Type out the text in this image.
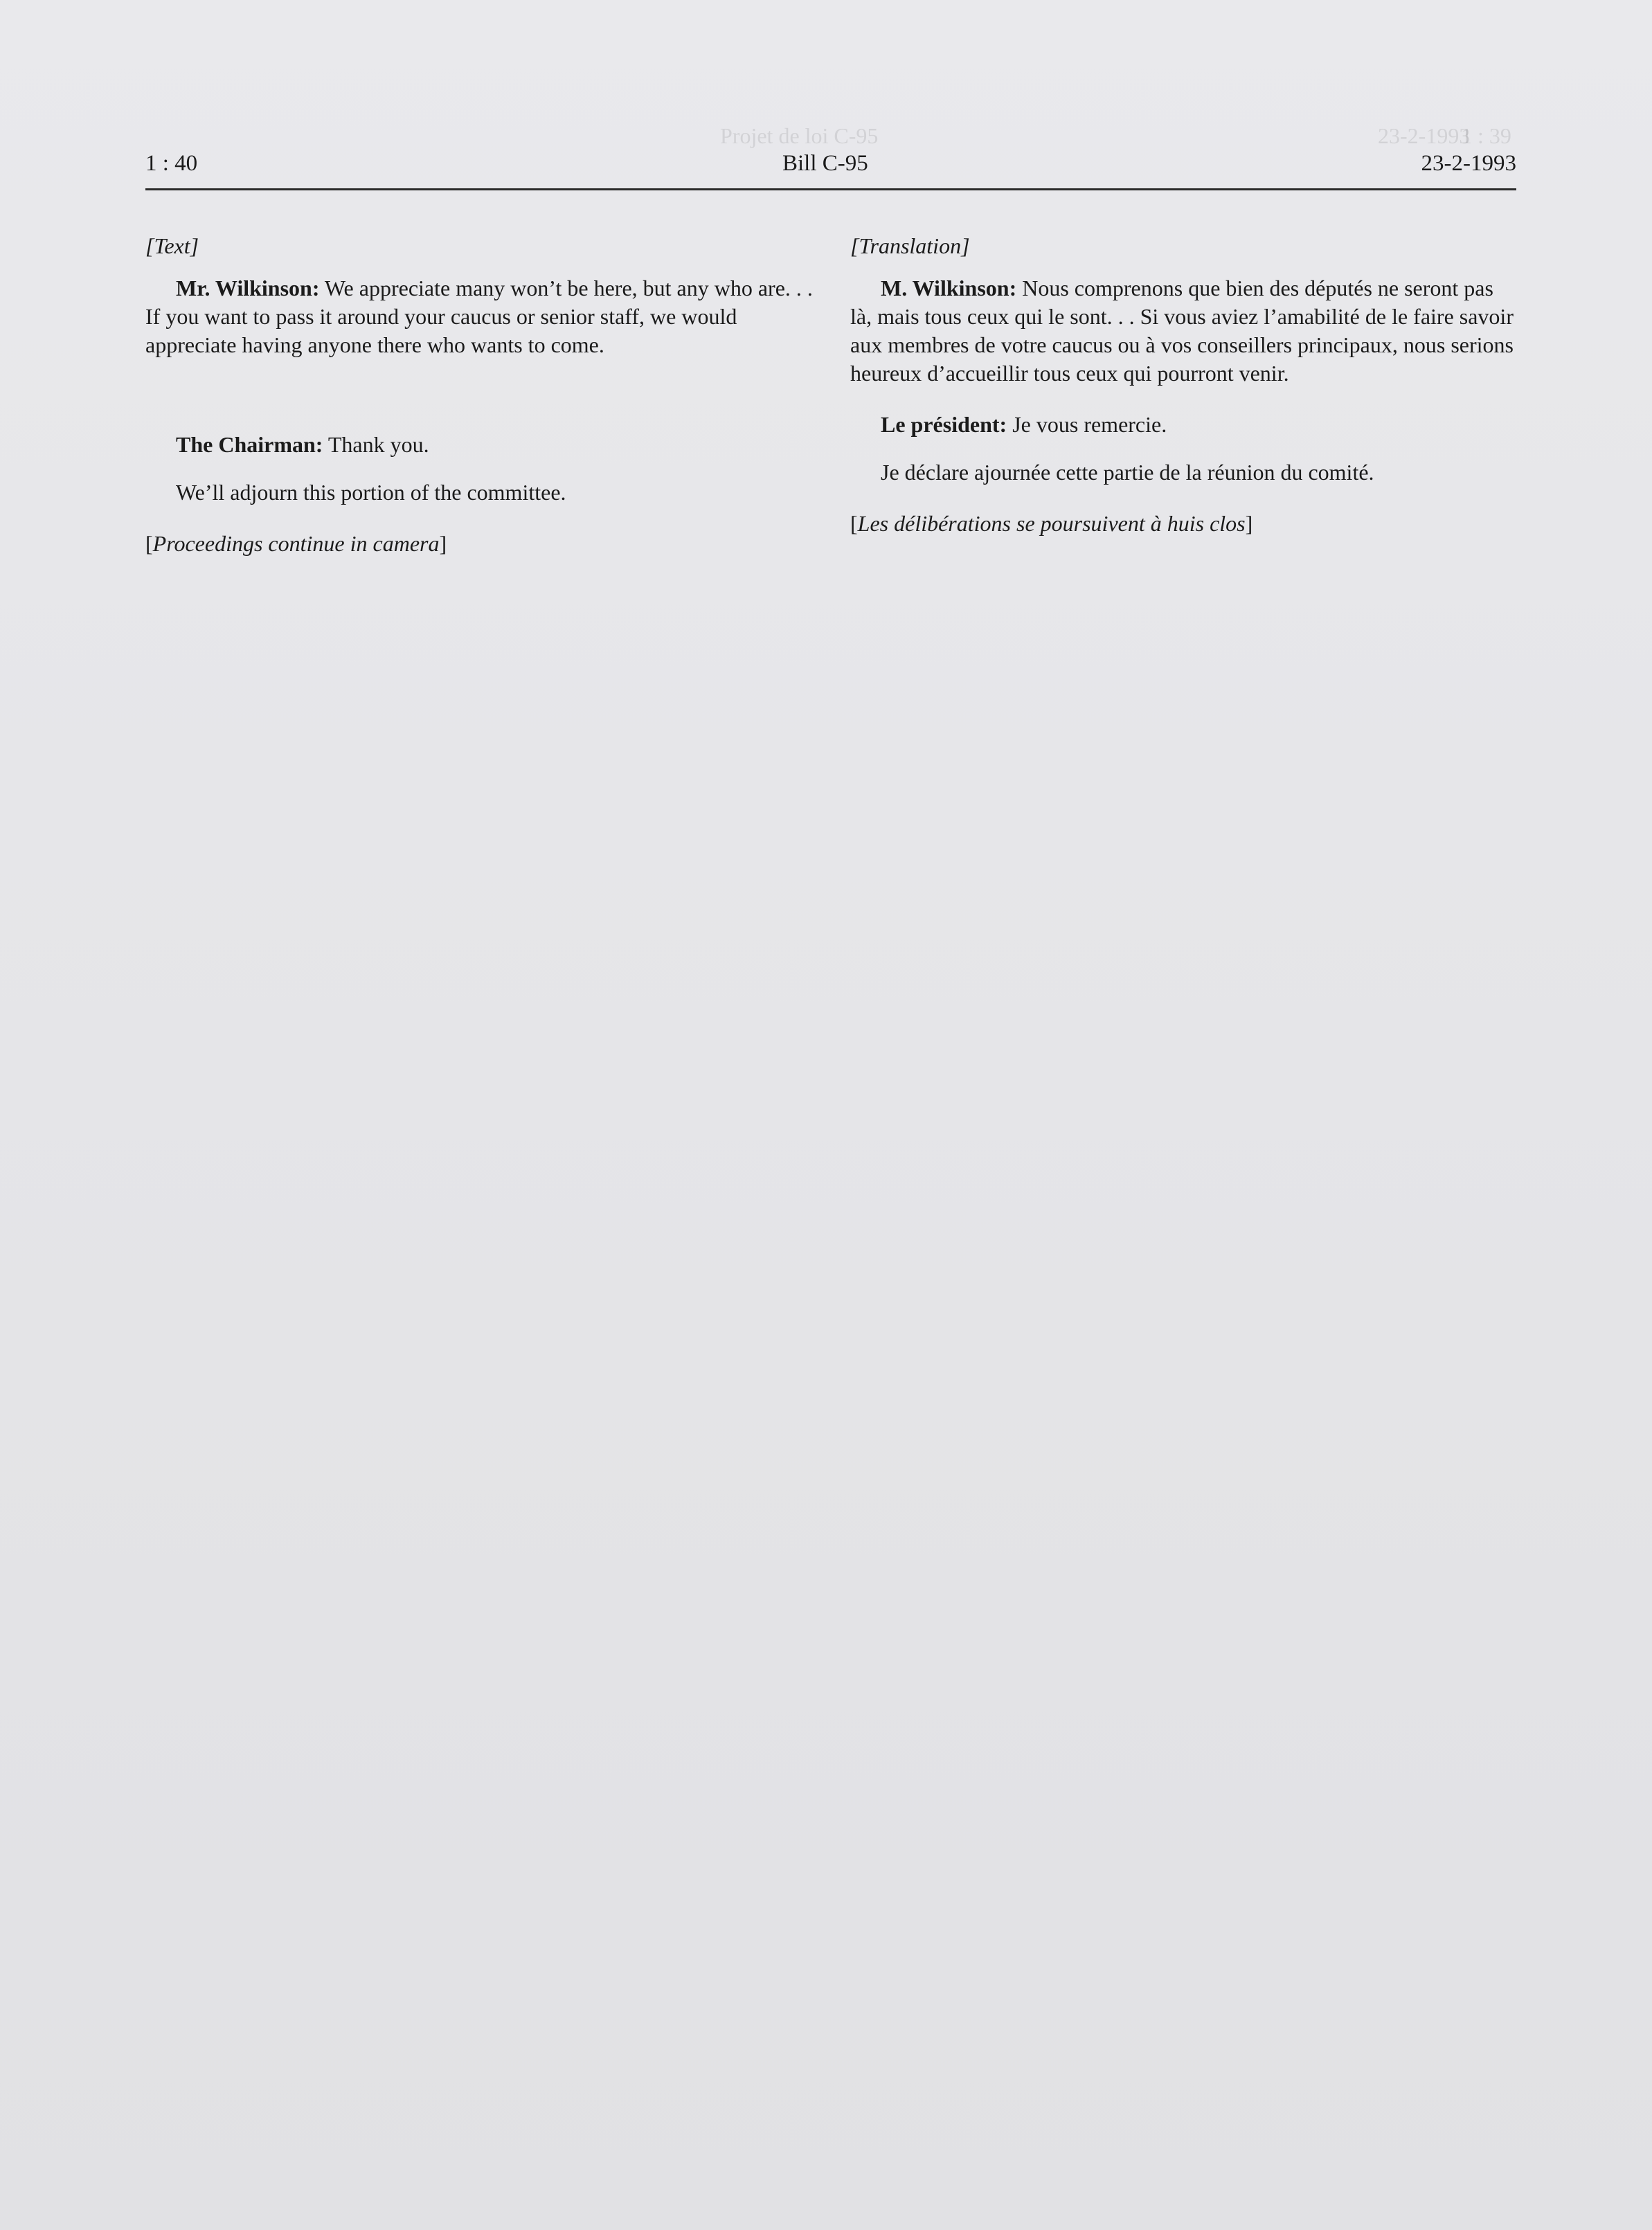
23-2-1993
Projet de loi C-95	1 : 39
1 : 40	Bill C-95	23-2-1993
[Text]

Mr. Wilkinson: We appreciate many won’t be here, but any who are. . . If you want to pass it around your caucus or senior staff, we would appreciate having anyone there who wants to come.

The Chairman: Thank you.

We’ll adjourn this portion of the committee.

[Proceedings continue in camera]
[Translation]

M. Wilkinson: Nous comprenons que bien des députés ne seront pas là, mais tous ceux qui le sont. . . Si vous aviez l’amabilité de le faire savoir aux membres de votre caucus ou à vos conseillers principaux, nous serions heureux d’accueillir tous ceux qui pourront venir.

Le président: Je vous remercie.

Je déclare ajournée cette partie de la réunion du comité.

[Les délibérations se poursuivent à huis clos]
